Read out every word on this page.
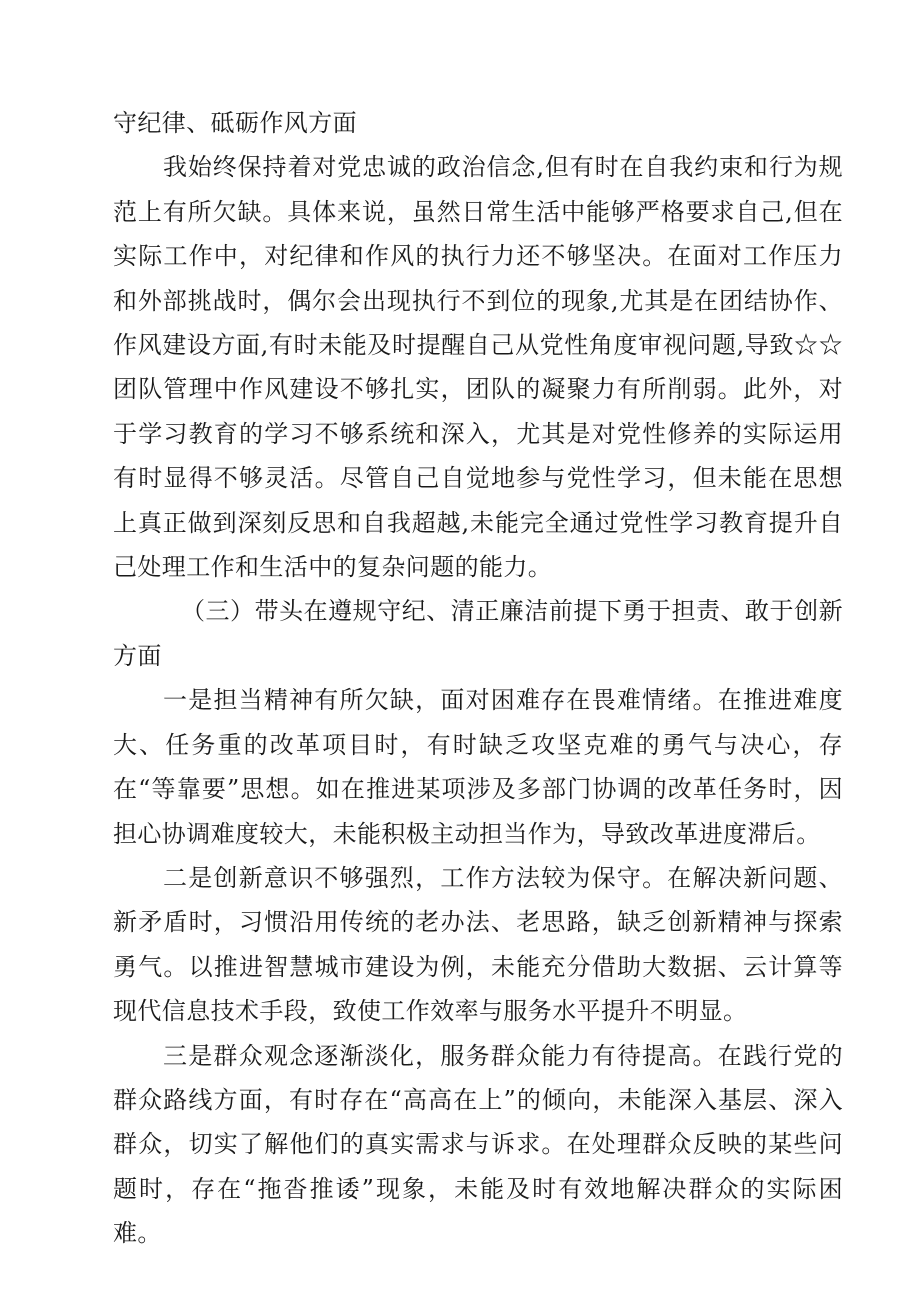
守纪律、砥砺作风方面

我始终保持着对党忠诚的政治信念,但有时在自我约束和行为规范上有所欠缺。具体来说，虽然日常生活中能够严格要求自己,但在实际工作中，对纪律和作风的执行力还不够坚决。在面对工作压力和外部挑战时，偶尔会出现执行不到位的现象,尤其是在团结协作、作风建设方面,有时未能及时提醒自己从党性角度审视问题,导致☆☆团队管理中作风建设不够扎实，团队的凝聚力有所削弱。此外，对于学习教育的学习不够系统和深入，尤其是对党性修养的实际运用有时显得不够灵活。尽管自己自觉地参与党性学习，但未能在思想上真正做到深刻反思和自我超越,未能完全通过党性学习教育提升自己处理工作和生活中的复杂问题的能力。

（三）带头在遵规守纪、清正廉洁前提下勇于担责、敢于创新方面

一是担当精神有所欠缺，面对困难存在畏难情绪。在推进难度大、任务重的改革项目时，有时缺乏攻坚克难的勇气与决心，存在“等靠要”思想。如在推进某项涉及多部门协调的改革任务时，因担心协调难度较大，未能积极主动担当作为，导致改革进度滞后。

二是创新意识不够强烈，工作方法较为保守。在解决新问题、新矛盾时，习惯沿用传统的老办法、老思路，缺乏创新精神与探索勇气。以推进智慧城市建设为例，未能充分借助大数据、云计算等现代信息技术手段，致使工作效率与服务水平提升不明显。

三是群众观念逐渐淡化，服务群众能力有待提高。在践行党的群众路线方面，有时存在“高高在上”的倾向，未能深入基层、深入群众，切实了解他们的真实需求与诉求。在处理群众反映的某些问题时，存在“拖沓推诿”现象，未能及时有效地解决群众的实际困难。
